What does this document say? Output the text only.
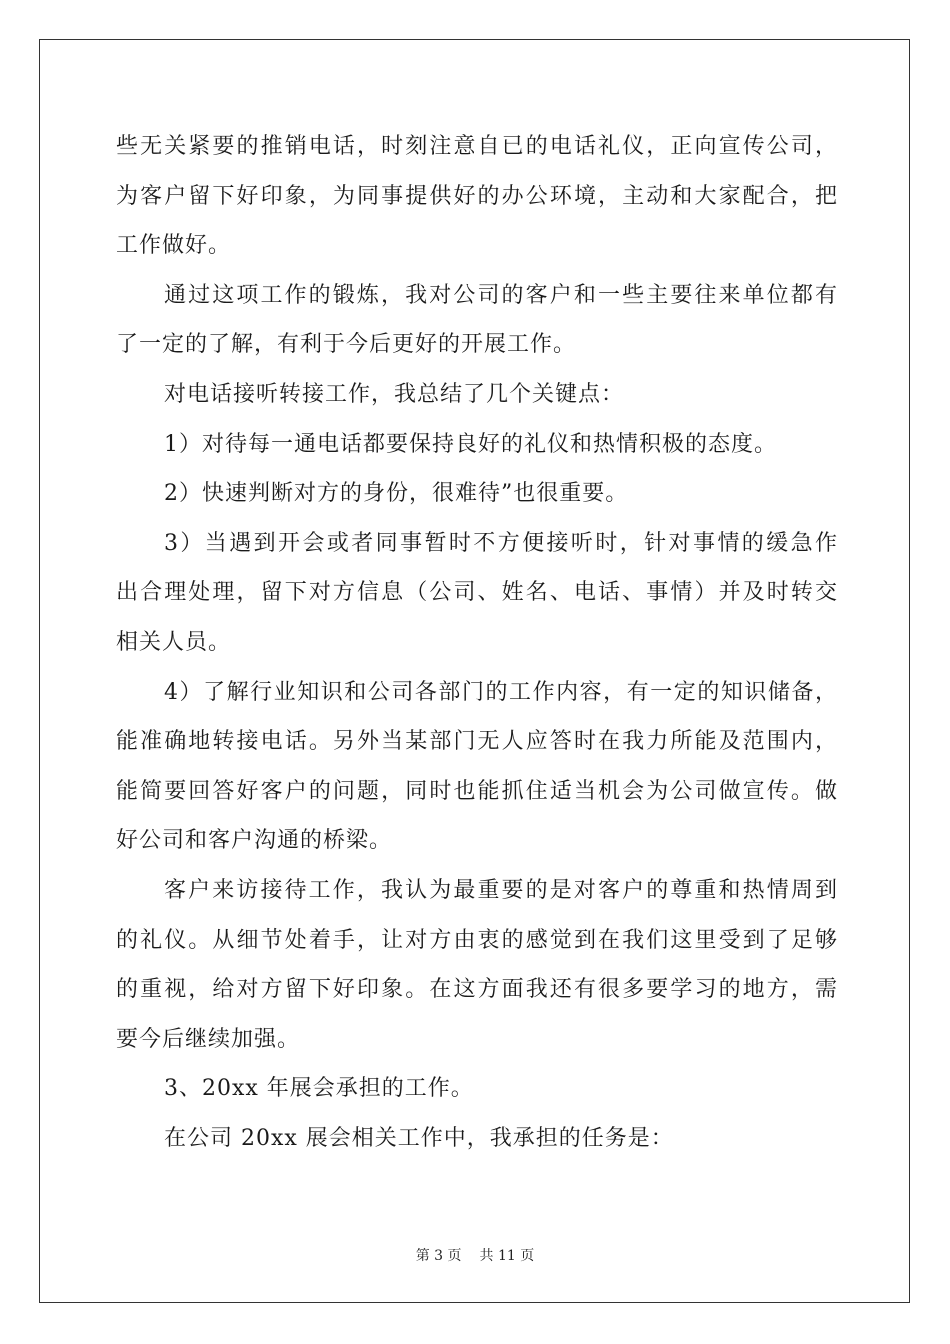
些无关紧要的推销电话，时刻注意自已的电话礼仪，正向宣传公司，
为客户留下好印象，为同事提供好的办公环境，主动和大家配合，把
工作做好。
通过这项工作的锻炼，我对公司的客户和一些主要往来单位都有
了一定的了解，有利于今后更好的开展工作。
对电话接听转接工作，我总结了几个关键点：
1）对待每一通电话都要保持良好的礼仪和热情积极的态度。
2）快速判断对方的身份，很难待”也很重要。
3）当遇到开会或者同事暂时不方便接听时，针对事情的缓急作
出合理处理，留下对方信息（公司、姓名、电话、事情）并及时转交
相关人员。
4）了解行业知识和公司各部门的工作内容，有一定的知识储备，
能准确地转接电话。另外当某部门无人应答时在我力所能及范围内，
能简要回答好客户的问题，同时也能抓住适当机会为公司做宣传。做
好公司和客户沟通的桥梁。
客户来访接待工作，我认为最重要的是对客户的尊重和热情周到
的礼仪。从细节处着手，让对方由衷的感觉到在我们这里受到了足够
的重视，给对方留下好印象。在这方面我还有很多要学习的地方，需
要今后继续加强。
3、20xx 年展会承担的工作。
在公司 20xx 展会相关工作中，我承担的任务是：
第 3 页 共 11 页
